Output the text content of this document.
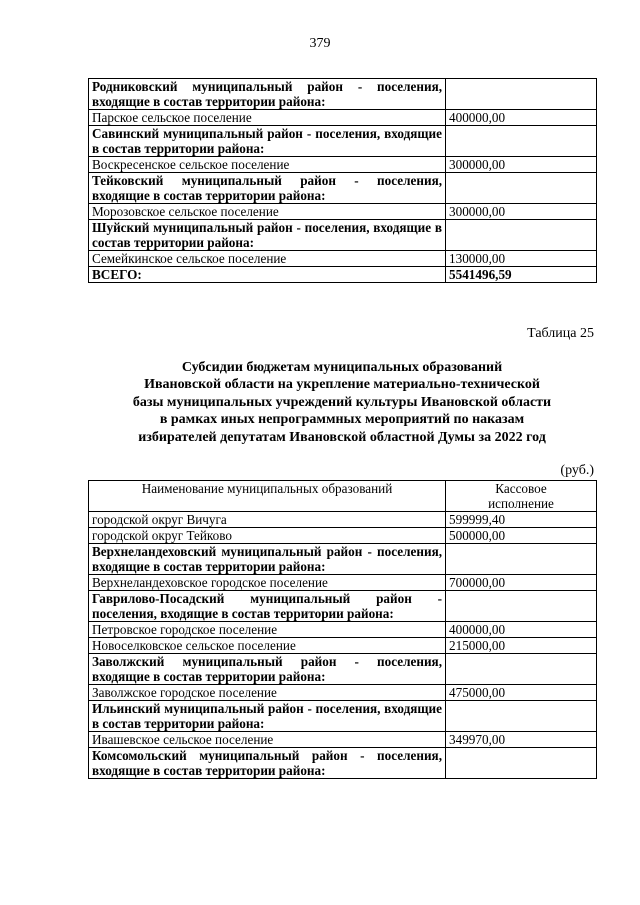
379
Родниковский муниципальный район - поселения, входящие в состав территории района:	
Парское сельское поселение	400000,00
Савинский муниципальный район - поселения, входящие в состав территории района:	
Воскресенское сельское поселение	300000,00
Тейковский муниципальный район - поселения, входящие в состав территории района:	
Морозовское сельское поселение	300000,00
Шуйский муниципальный район - поселения, входящие в состав территории района:	
Семейкинское сельское поселение	130000,00
ВСЕГО:	5541496,59
Таблица 25
Субсидии бюджетам муниципальных образований
Ивановской области на укрепление материально-технической
базы муниципальных учреждений культуры Ивановской области
в рамках иных непрограммных мероприятий по наказам
избирателей депутатам Ивановской областной Думы за 2022 год
(руб.)
Наименование муниципальных образований	Кассовое
исполнение

городской округ Вичуга	599999,40
городской округ Тейково	500000,00
Верхнеландеховский муниципальный район - поселения, входящие в состав территории района:	
Верхнеландеховское городское поселение	700000,00
Гаврилово-Посадский муниципальный район - поселения, входящие в состав территории района:	
Петровское городское поселение	400000,00
Новоселковское сельское поселение	215000,00
Заволжский муниципальный район - поселения, входящие в состав территории района:	
Заволжское городское поселение	475000,00
Ильинский муниципальный район - поселения, входящие в состав территории района:	
Ивашевское сельское поселение	349970,00
Комсомольский муниципальный район - поселения, входящие в состав территории района:	
